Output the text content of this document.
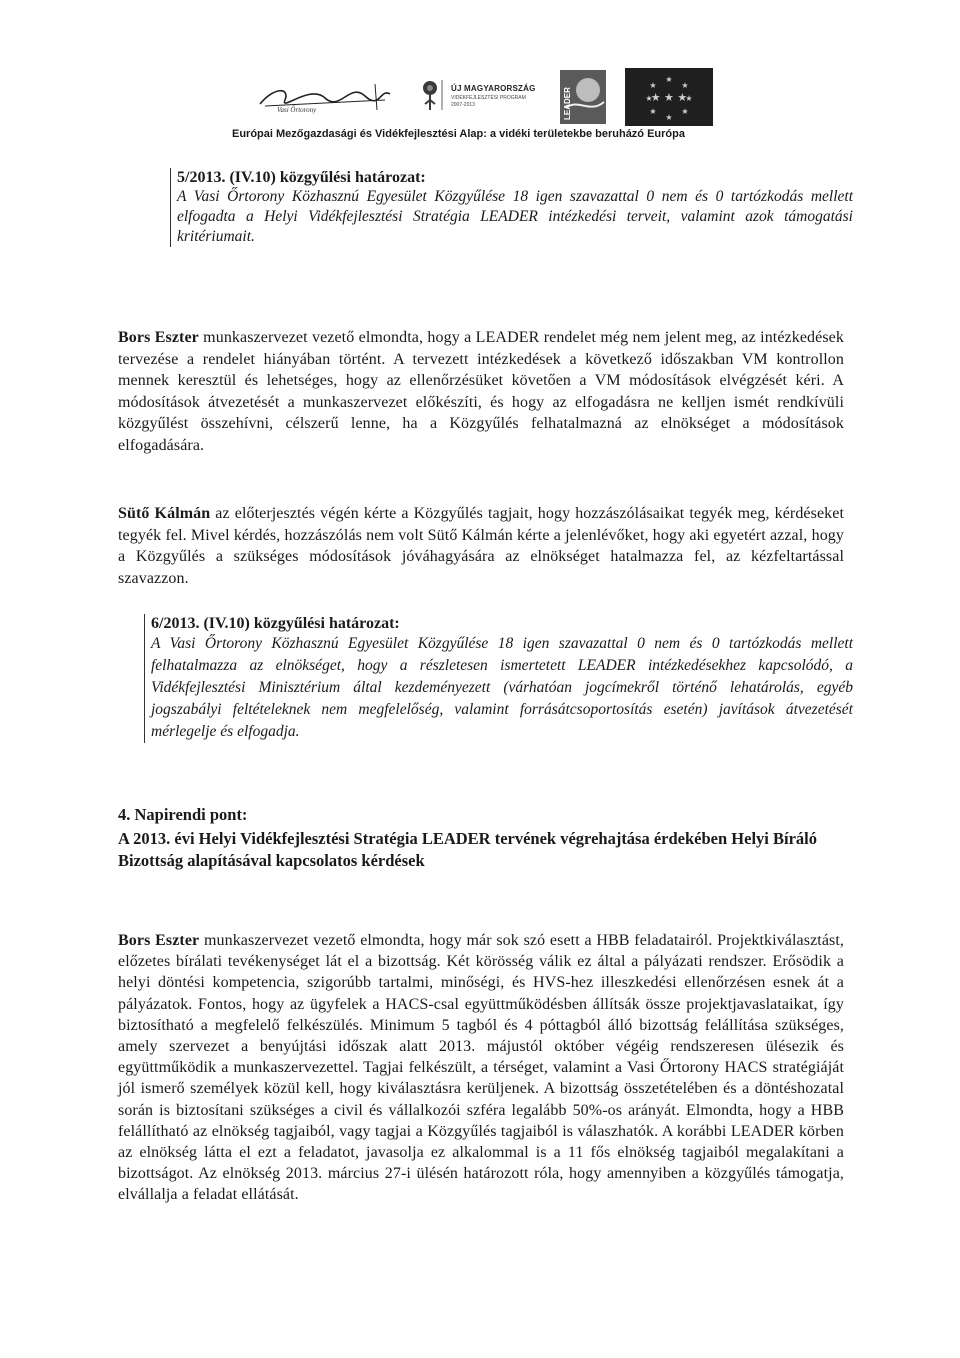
Vasi Őrtorony
ÚJ MAGYARORSZÁG
VIDÉKFEJLESZTÉSI PROGRAM
2007-2013	LEADER	★ ★ ★
★
★
★	★
★	★
★	★
Európai Mezőgazdasági és Vidékfejlesztési Alap: a vidéki területekbe beruházó Európa
5/2013. (IV.10) közgyűlési határozat:
A Vasi Őrtorony Közhasznú Egyesület Közgyűlése 18 igen szavazattal 0 nem és 0 tartózkodás mellett elfogadta a Helyi Vidékfejlesztési Stratégia LEADER intézkedési terveit, valamint azok támogatási kritériumait.
Bors Eszter munkaszervezet vezető elmondta, hogy a LEADER rendelet még nem jelent meg, az intézkedések tervezése a rendelet hiányában történt. A tervezett intézkedések a következő időszakban VM kontrollon mennek keresztül és lehetséges, hogy az ellenőrzésüket követően a VM módosítások elvégzését kéri. A módosítások átvezetését a munkaszervezet előkészíti, és hogy az elfogadásra ne kelljen ismét rendkívüli közgyűlést összehívni, célszerű lenne, ha a Közgyűlés felhatalmazná az elnökséget a módosítások elfogadására.
Sütő Kálmán az előterjesztés végén kérte a Közgyűlés tagjait, hogy hozzászólásaikat tegyék meg, kérdéseket tegyék fel. Mivel kérdés, hozzászólás nem volt Sütő Kálmán kérte a jelenlévőket, hogy aki egyetért azzal, hogy a Közgyűlés a szükséges módosítások jóváhagyására az elnökséget hatalmazza fel, az kézfeltartással szavazzon.
6/2013. (IV.10) közgyűlési határozat:
A Vasi Őrtorony Közhasznú Egyesület Közgyűlése 18 igen szavazattal 0 nem és 0 tartózkodás mellett felhatalmazza az elnökséget, hogy a részletesen ismertetett LEADER intézkedésekhez kapcsolódó, a Vidékfejlesztési Minisztérium által kezdeményezett (várhatóan jogcímekről történő lehatárolás, egyéb jogszabályi feltételeknek nem megfelelőség, valamint forrásátcsoportosítás esetén) javítások átvezetését mérlegelje és elfogadja.
4. Napirendi pont:
A 2013. évi Helyi Vidékfejlesztési Stratégia LEADER tervének végrehajtása érdekében Helyi Bíráló Bizottság alapításával kapcsolatos kérdések
Bors Eszter munkaszervezet vezető elmondta, hogy már sok szó esett a HBB feladatairól. Projektkiválasztást, előzetes bírálati tevékenységet lát el a bizottság. Két körösség válik ez által a pályázati rendszer. Erősödik a helyi döntési kompetencia, szigorúbb tartalmi, minőségi, és HVS-hez illeszkedési ellenőrzésen esnek át a pályázatok. Fontos, hogy az ügyfelek a HACS-csal együttműködésben állítsák össze projektjavaslataikat, így biztosítható a megfelelő felkészülés. Minimum 5 tagból és 4 póttagból álló bizottság felállítása szükséges, amely szervezet a benyújtási időszak alatt 2013. májustól október végéig rendszeresen ülésezik és együttműködik a munkaszervezettel. Tagjai felkészült, a térséget, valamint a Vasi Őrtorony HACS stratégiáját jól ismerő személyek közül kell, hogy kiválasztásra kerüljenek. A bizottság összetételében és a döntéshozatal során is biztosítani szükséges a civil és vállalkozói szféra legalább 50%-os arányát. Elmondta, hogy a HBB felállítható az elnökség tagjaiból, vagy tagjai a Közgyűlés tagjaiból is válaszhatók. A korábbi LEADER körben az elnökség látta el ezt a feladatot, javasolja ez alkalommal is a 11 fős elnökség tagjaiból megalakítani a bizottságot. Az elnökség 2013. március 27-i ülésén határozott róla, hogy amennyiben a közgyűlés támogatja, elvállalja a feladat ellátását.
